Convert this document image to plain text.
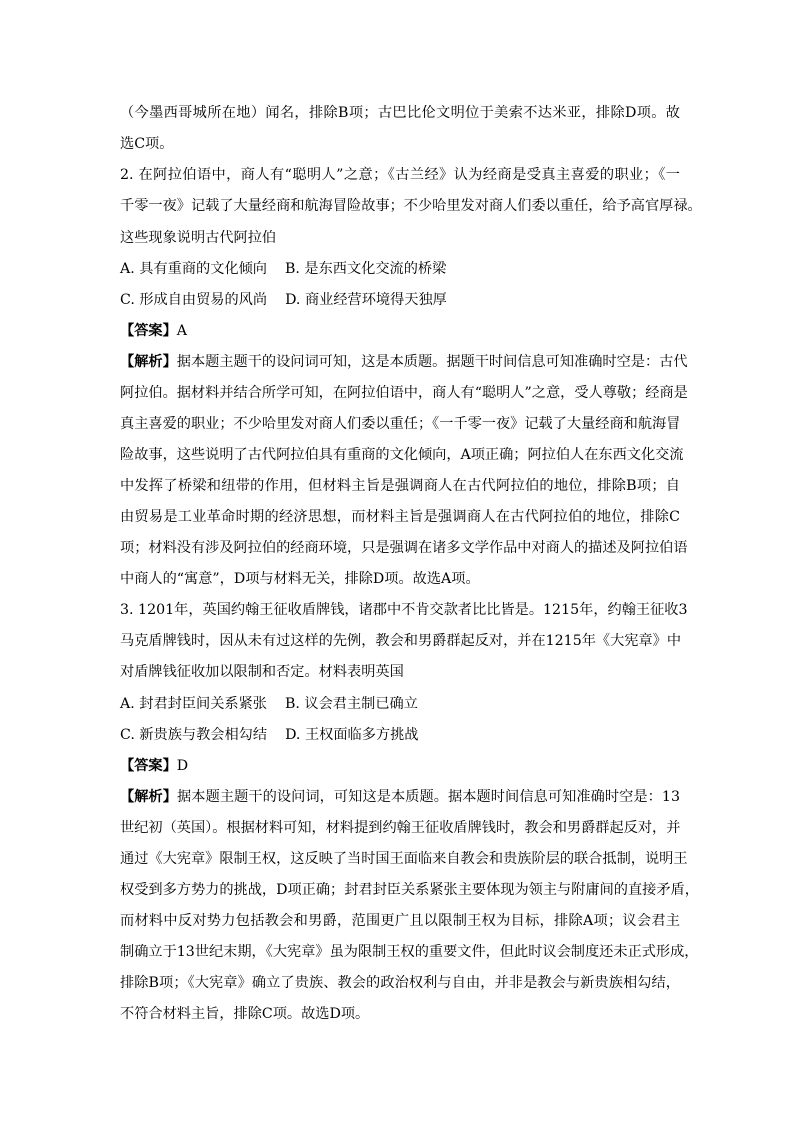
（今墨西哥城所在地）闻名，排除B项；古巴比伦文明位于美索不达米亚，排除D项。故
选C项。
2. 在阿拉伯语中，商人有“聪明人”之意；《古兰经》认为经商是受真主喜爱的职业；《一
千零一夜》记载了大量经商和航海冒险故事；不少哈里发对商人们委以重任，给予高官厚禄。
这些现象说明古代阿拉伯
A. 具有重商的文化倾向 B. 是东西文化交流的桥梁
C. 形成自由贸易的风尚 D. 商业经营环境得天独厚
【答案】A
【解析】据本题主题干的设问词可知，这是本质题。据题干时间信息可知准确时空是：古代
阿拉伯。据材料并结合所学可知，在阿拉伯语中，商人有“聪明人”之意，受人尊敬；经商是
真主喜爱的职业；不少哈里发对商人们委以重任；《一千零一夜》记载了大量经商和航海冒
险故事，这些说明了古代阿拉伯具有重商的文化倾向，A项正确；阿拉伯人在东西文化交流
中发挥了桥梁和纽带的作用，但材料主旨是强调商人在古代阿拉伯的地位，排除B项；自
由贸易是工业革命时期的经济思想，而材料主旨是强调商人在古代阿拉伯的地位，排除C
项；材料没有涉及阿拉伯的经商环境，只是强调在诸多文学作品中对商人的描述及阿拉伯语
中商人的“寓意”，D项与材料无关，排除D项。故选A项。
3. 1201年，英国约翰王征收盾牌钱，诸郡中不肯交款者比比皆是。1215年，约翰王征收3
马克盾牌钱时，因从未有过这样的先例，教会和男爵群起反对，并在1215年《大宪章》中
对盾牌钱征收加以限制和否定。材料表明英国
A. 封君封臣间关系紧张 B. 议会君主制已确立
C. 新贵族与教会相勾结 D. 王权面临多方挑战
【答案】D
【解析】据本题主题干的设问词，可知这是本质题。据本题时间信息可知准确时空是：13
世纪初（英国）。根据材料可知，材料提到约翰王征收盾牌钱时，教会和男爵群起反对，并
通过《大宪章》限制王权，这反映了当时国王面临来自教会和贵族阶层的联合抵制，说明王
权受到多方势力的挑战，D项正确；封君封臣关系紧张主要体现为领主与附庸间的直接矛盾，
而材料中反对势力包括教会和男爵，范围更广且以限制王权为目标，排除A项；议会君主
制确立于13世纪末期，《大宪章》虽为限制王权的重要文件，但此时议会制度还未正式形成，
排除B项；《大宪章》确立了贵族、教会的政治权利与自由，并非是教会与新贵族相勾结，
不符合材料主旨，排除C项。故选D项。
